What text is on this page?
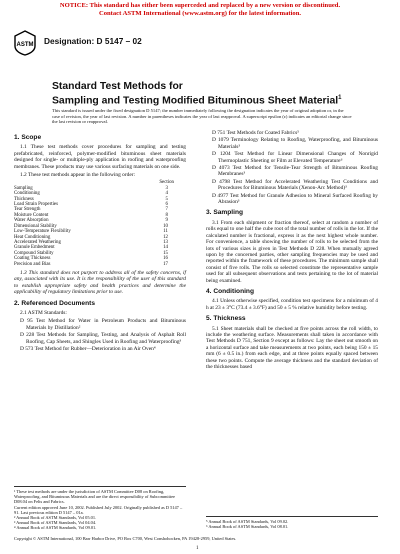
NOTICE: This standard has either been superceded and replaced by a new version or discontinued.
Contact ASTM International (www.astm.org) for the latest information.
ASTM Designation: D 5147 – 02
Standard Test Methods for
Sampling and Testing Modified Bituminous Sheet Material$^1$
This standard is issued under the fixed designation D 5147; the number immediately following the designation indicates the year of original adoption or, in the case of revision, the year of last revision. A number in parentheses indicates the year of last reapproval. A superscript epsilon (ε) indicates an editorial change since the last revision or reapproval.
1. Scope

1.1 These test methods cover procedures for sampling and testing prefabricated, reinforced, polymer-modified bituminous sheet materials designed for single- or multiple-ply application in roofing and waterproofing membranes. These products may use various surfacing materials on one side.

1.2 These test methods appear in the following order:

	Section
Sampling	3
Conditioning	4
Thickness	5
Load Strain Properties	6
Tear Strength	7
Moisture Content	8
Water Absorption	9
Dimensional Stability	10
Low-Temperature Flexibility	11
Heat Conditioning	12
Accelerated Weathering	13
Granule Embedment	14
Compound Stability	15
Coating Thickness	16
Precision and Bias	17

1.3 This standard does not purport to address all of the safety concerns, if any, associated with its use. It is the responsibility of the user of this standard to establish appropriate safety and health practices and determine the applicability of regulatory limitations prior to use.

2. Referenced Documents

2.1 ASTM Standards:

D 95 Test Method for Water in Petroleum Products and Bituminous Materials by Distillation²

D 228 Test Methods for Sampling, Testing, and Analysis of Asphalt Roll Roofing, Cap Sheets, and Shingles Used in Roofing and Waterproofing³

D 573 Test Method for Rubber—Deterioration in an Air Oven⁴

¹ These test methods are under the jurisdiction of ASTM Committee D08 on Roofing, Waterproofing, and Bituminous Materials and are the direct responsibility of Subcommittee D08.04 on Felts and Fabrics.
Current edition approved June 10, 2002. Published July 2002. Originally published as D 5147 – 91. Last previous edition D 5147 – 01a.
² Annual Book of ASTM Standards, Vol 05.01.
³ Annual Book of ASTM Standards, Vol 04.04.
⁴ Annual Book of ASTM Standards, Vol 09.01.

D 751 Test Methods for Coated Fabrics⁵

D 1079 Terminology Relating to Roofing, Waterproofing, and Bituminous Materials³

D 1204 Test Method for Linear Dimensional Changes of Nonrigid Thermoplastic Sheeting or Film at Elevated Temperature⁶

D 4073 Test Method for Tensile-Tear Strength of Bituminous Roofing Membranes³

D 4798 Test Method for Accelerated Weathering Test Conditions and Procedures for Bituminous Materials (Xenon-Arc Method)³

D 4977 Test Method for Granule Adhesion to Mineral Surfaced Roofing by Abrasion³

3. Sampling

3.1 From each shipment or fraction thereof, select at random a number of rolls equal to one half the cube root of the total number of rolls in the lot. If the calculated number is fractional, express it as the next highest whole number. For convenience, a table showing the number of rolls to be selected from the lots of various sizes is given in Test Methods D 228. When mutually agreed upon by the concerned parties, other sampling frequencies may be used and reported within the framework of these procedures. The minimum sample shall consist of five rolls. The rolls so selected constitute the representative sample used for all subsequent observations and tests pertaining to the lot of material being examined.

4. Conditioning

4.1 Unless otherwise specified, condition test specimens for a minimum of 4 h at 23 ± 3°C (73.4 ± 3.6°F) and 50 ± 5 % relative humidity before testing.

5. Thickness

5.1 Sheet materials shall be checked at five points across the roll width, to include the weathering surface. Measurements shall taken in accordance with Test Methods D 751, Section 9 except as follows: Lay the sheet out smooth on a horizontal surface and take measurements at two points, each being 150 ± 15 mm (6 ± 0.5 in.) from each edge, and at three points equally spaced between these two points. Compute the average thickness and the standard deviation of the thicknesses based

⁵ Annual Book of ASTM Standards, Vol 09.02.
⁶ Annual Book of ASTM Standards, Vol 08.01.
Copyright © ASTM International, 100 Barr Harbor Drive, PO Box C700, West Conshohocken, PA 19428-2959, United States.
1
